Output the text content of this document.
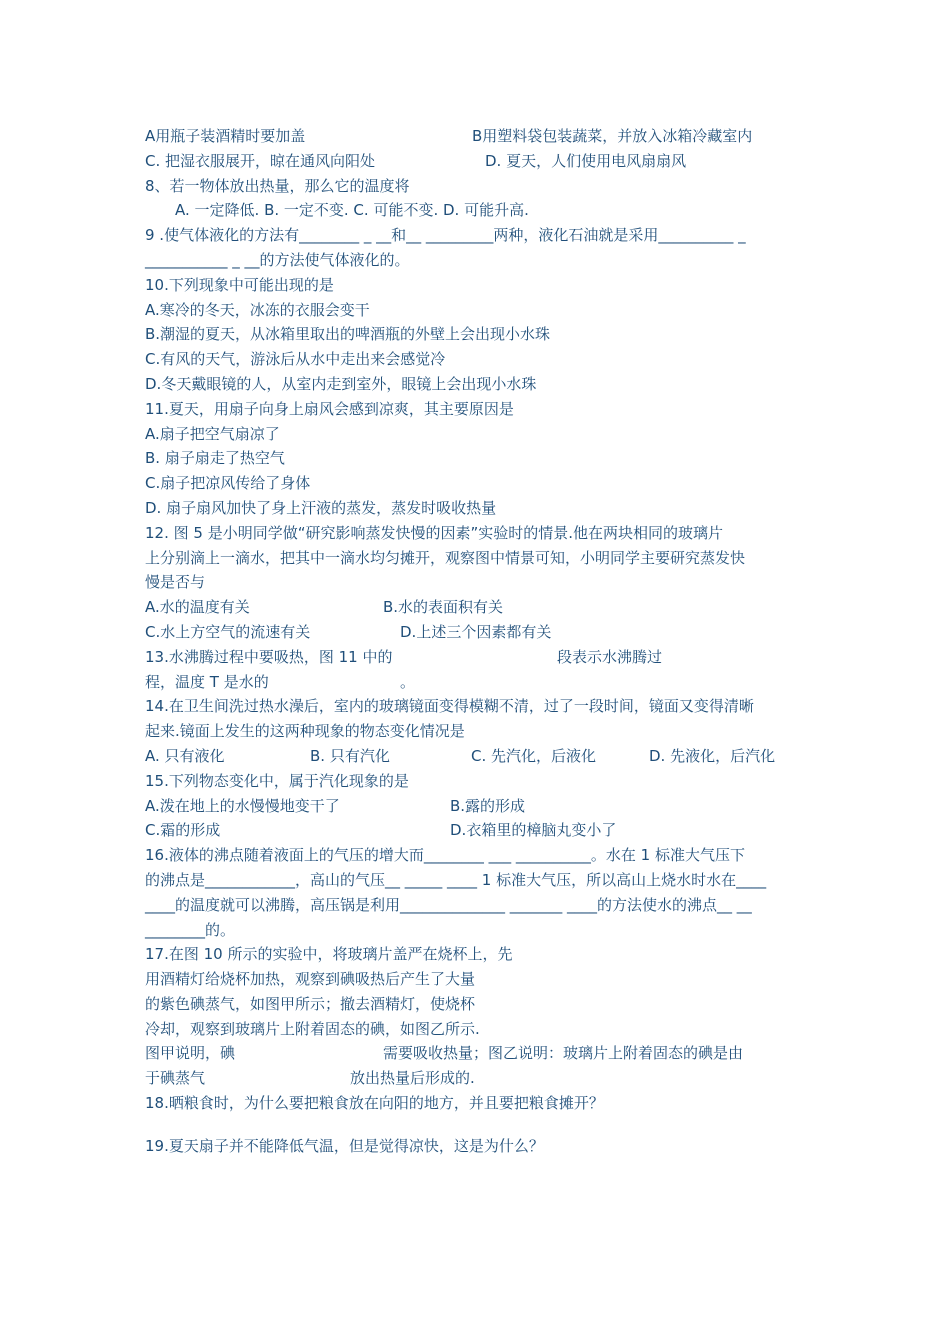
A用瓶子装酒精时要加盖	B用塑料袋包装蔬菜，并放入冰箱冷藏室内
C. 把湿衣服展开，晾在通风向阳处	D. 夏天，人们使用电风扇扇风
8、若一物体放出热量，那么它的温度将
A. 一定降低. B. 一定不变. C. 可能不变. D. 可能升高.
9 .使气体液化的方法有________ _ __和__ _________两种，液化石油就是采用__________ _
___________ _ __的方法使气体液化的。
10.下列现象中可能出现的是
A.寒冷的冬天，冰冻的衣服会变干
B.潮湿的夏天，从冰箱里取出的啤酒瓶的外壁上会出现小水珠
C.有风的天气，游泳后从水中走出来会感觉冷
D.冬天戴眼镜的人，从室内走到室外，眼镜上会出现小水珠
11.夏天，用扇子向身上扇风会感到凉爽，其主要原因是
A.扇子把空气扇凉了
B. 扇子扇走了热空气
C.扇子把凉风传给了身体
D. 扇子扇风加快了身上汗液的蒸发，蒸发时吸收热量
12. 图 5 是小明同学做“研究影响蒸发快慢的因素”实验时的情景.他在两块相同的玻璃片
上分别滴上一滴水，把其中一滴水均匀摊开，观察图中情景可知，小明同学主要研究蒸发快
慢是否与
A.水的温度有关	B.水的表面积有关
C.水上方空气的流速有关	D.上述三个因素都有关
13.水沸腾过程中要吸热，图 11 中的	段表示水沸腾过
程，温度 T 是水的	。
14.在卫生间洗过热水澡后，室内的玻璃镜面变得模糊不清，过了一段时间，镜面又变得清晰
起来.镜面上发生的这两种现象的物态变化情况是
A. 只有液化	B. 只有汽化	C. 先汽化，后液化	D. 先液化，后汽化
15.下列物态变化中，属于汽化现象的是
A.泼在地上的水慢慢地变干了	B.露的形成
C.霜的形成	D.衣箱里的樟脑丸变小了
16.液体的沸点随着液面上的气压的增大而________ ___ __________。水在 1 标准大气压下
的沸点是____________，高山的气压__ _____ ____ 1 标准大气压，所以高山上烧水时水在____
____的温度就可以沸腾，高压锅是利用______________ _______ ____的方法使水的沸点__ __
________的。
17.在图 10 所示的实验中，将玻璃片盖严在烧杯上，先
用酒精灯给烧杯加热，观察到碘吸热后产生了大量
的紫色碘蒸气，如图甲所示；撤去酒精灯，使烧杯
冷却，观察到玻璃片上附着固态的碘，如图乙所示.
图甲说明，碘	需要吸收热量；图乙说明：玻璃片上附着固态的碘是由
于碘蒸气	放出热量后形成的.
18.晒粮食时，为什么要把粮食放在向阳的地方，并且要把粮食摊开？
19.夏天扇子并不能降低气温，但是觉得凉快，这是为什么？
